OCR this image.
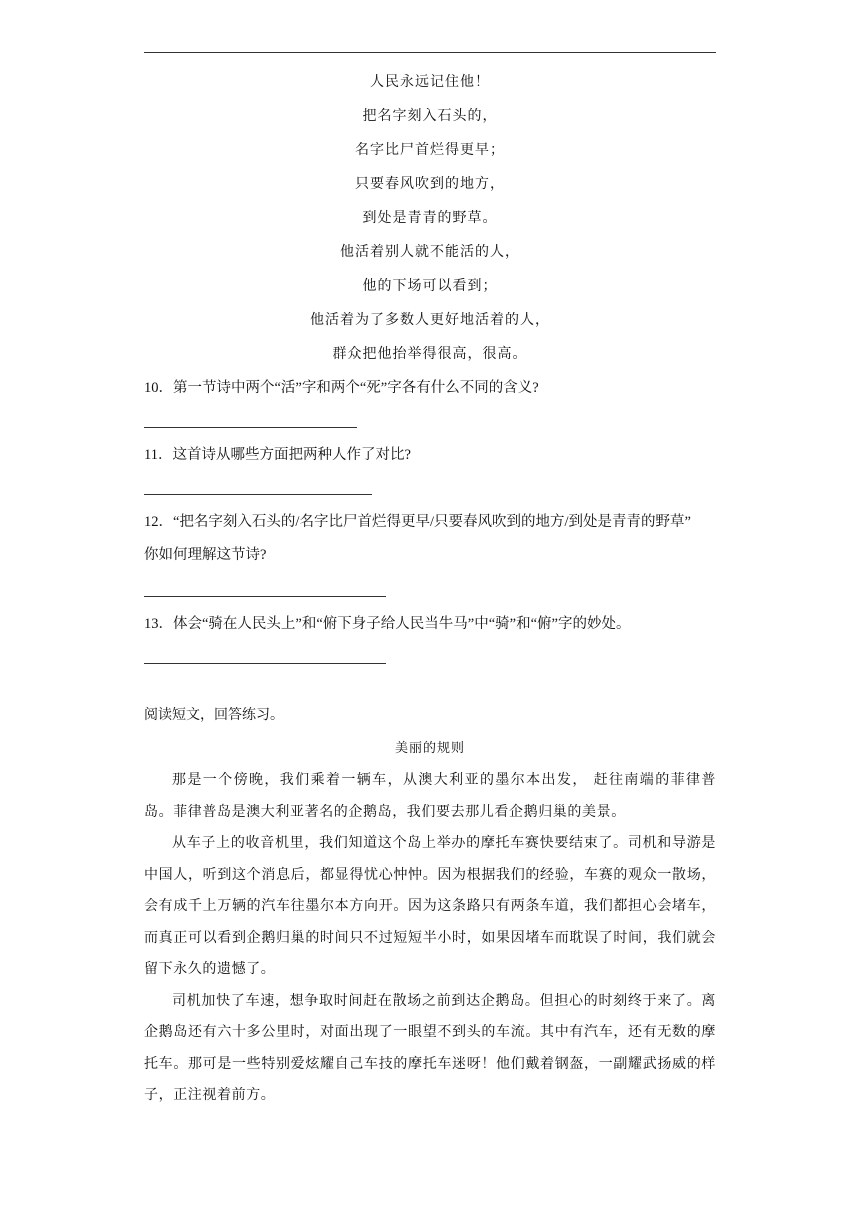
人民永远记住他！
把名字刻入石头的，
名字比尸首烂得更早；
只要春风吹到的地方，
到处是青青的野草。
他活着别人就不能活的人，
他的下场可以看到；
他活着为了多数人更好地活着的人，
群众把他抬举得很高，很高。
10．第一节诗中两个“活”字和两个“死”字各有什么不同的含义?
11．这首诗从哪些方面把两种人作了对比?
12．“把名字刻入石头的/名字比尸首烂得更早/只要春风吹到的地方/到处是青青的野草”
你如何理解这节诗?
13．体会“骑在人民头上”和“俯下身子给人民当牛马”中“骑”和“俯”字的妙处。
阅读短文，回答练习。
美丽的规则

那是一个傍晚，我们乘着一辆车，从澳大利亚的墨尔本出发， 赶往南端的菲律普岛。菲律普岛是澳大利亚著名的企鹅岛，我们要去那儿看企鹅归巢的美景。

从车子上的收音机里，我们知道这个岛上举办的摩托车赛快要结束了。司机和导游是中国人，听到这个消息后，都显得忧心忡忡。因为根据我们的经验，车赛的观众一散场，会有成千上万辆的汽车往墨尔本方向开。因为这条路只有两条车道，我们都担心会堵车，而真正可以看到企鹅归巢的时间只不过短短半小时，如果因堵车而耽误了时间，我们就会留下永久的遗憾了。

司机加快了车速，想争取时间赶在散场之前到达企鹅岛。但担心的时刻终于来了。离企鹅岛还有六十多公里时，对面出现了一眼望不到头的车流。其中有汽车，还有无数的摩托车。那可是一些特别爱炫耀自己车技的摩托车迷呀！他们戴着钢盔，一副耀武扬威的样子，正注视着前方。
